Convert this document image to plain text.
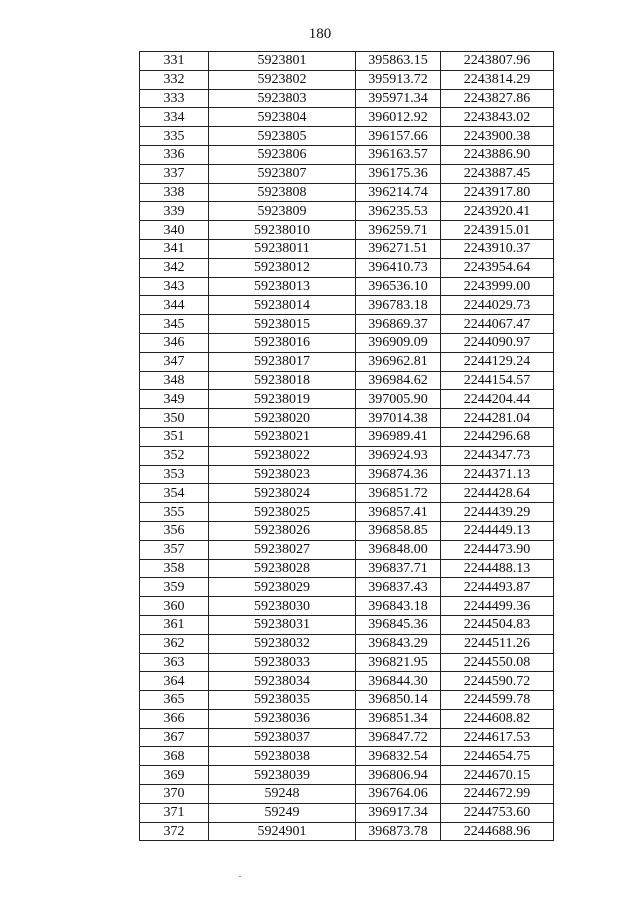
180
331	5923801	395863.15	2243807.96
332	5923802	395913.72	2243814.29
333	5923803	395971.34	2243827.86
334	5923804	396012.92	2243843.02
335	5923805	396157.66	2243900.38
336	5923806	396163.57	2243886.90
337	5923807	396175.36	2243887.45
338	5923808	396214.74	2243917.80
339	5923809	396235.53	2243920.41
340	59238010	396259.71	2243915.01
341	59238011	396271.51	2243910.37
342	59238012	396410.73	2243954.64
343	59238013	396536.10	2243999.00
344	59238014	396783.18	2244029.73
345	59238015	396869.37	2244067.47
346	59238016	396909.09	2244090.97
347	59238017	396962.81	2244129.24
348	59238018	396984.62	2244154.57
349	59238019	397005.90	2244204.44
350	59238020	397014.38	2244281.04
351	59238021	396989.41	2244296.68
352	59238022	396924.93	2244347.73
353	59238023	396874.36	2244371.13
354	59238024	396851.72	2244428.64
355	59238025	396857.41	2244439.29
356	59238026	396858.85	2244449.13
357	59238027	396848.00	2244473.90
358	59238028	396837.71	2244488.13
359	59238029	396837.43	2244493.87
360	59238030	396843.18	2244499.36
361	59238031	396845.36	2244504.83
362	59238032	396843.29	2244511.26
363	59238033	396821.95	2244550.08
364	59238034	396844.30	2244590.72
365	59238035	396850.14	2244599.78
366	59238036	396851.34	2244608.82
367	59238037	396847.72	2244617.53
368	59238038	396832.54	2244654.75
369	59238039	396806.94	2244670.15
370	59248	396764.06	2244672.99
371	59249	396917.34	2244753.60
372	5924901	396873.78	2244688.96
